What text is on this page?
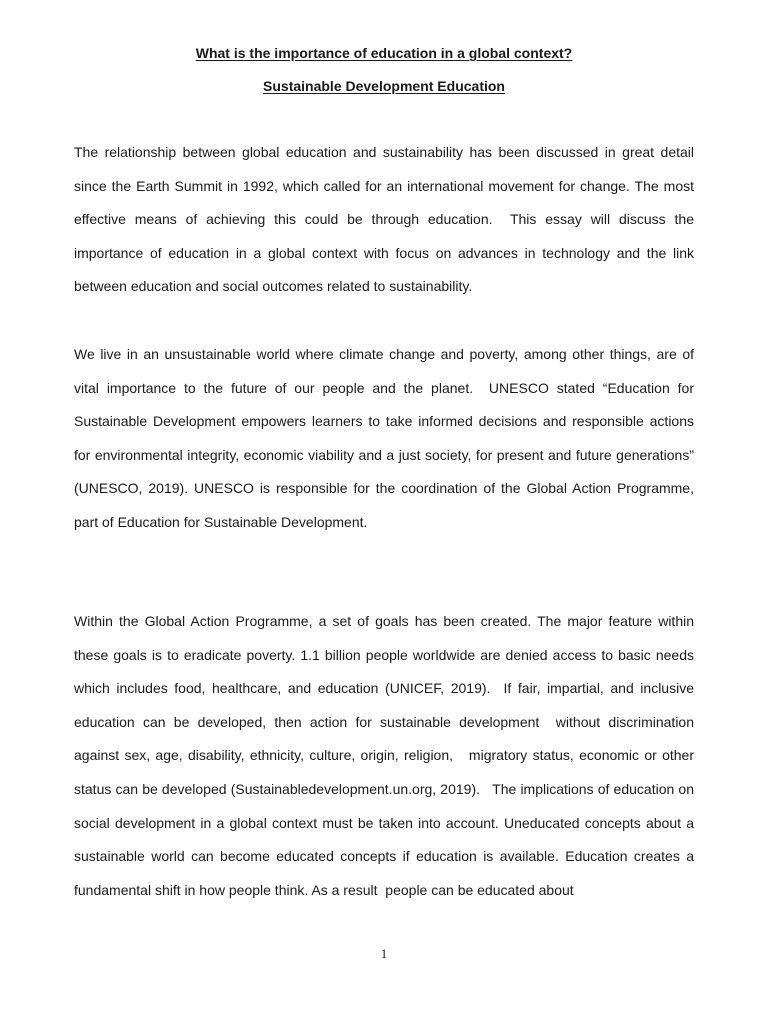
What is the importance of education in a global context?
Sustainable Development Education

The relationship between global education and sustainability has been discussed in great detail since the Earth Summit in 1992, which called for an international movement for change. The most effective means of achieving this could be through education.  This essay will discuss the importance of education in a global context with focus on advances in technology and the link between education and social outcomes related to sustainability.

We live in an unsustainable world where climate change and poverty, among other things, are of vital importance to the future of our people and the planet.  UNESCO stated “Education for Sustainable Development empowers learners to take informed decisions and responsible actions for environmental integrity, economic viability and a just society, for present and future generations” (UNESCO, 2019). UNESCO is responsible for the coordination of the Global Action Programme, part of Education for Sustainable Development.

Within the Global Action Programme, a set of goals has been created. The major feature within these goals is to eradicate poverty. 1.1 billion people worldwide are denied access to basic needs which includes food, healthcare, and education (UNICEF, 2019).  If fair, impartial, and inclusive education can be developed, then action for sustainable development  without discrimination against sex, age, disability, ethnicity, culture, origin, religion,   migratory status, economic or other status can be developed (Sustainabledevelopment.un.org, 2019).   The implications of education on social development in a global context must be taken into account. Uneducated concepts about a sustainable world can become educated concepts if education is available. Education creates a fundamental shift in how people think. As a result  people can be educated about

1
